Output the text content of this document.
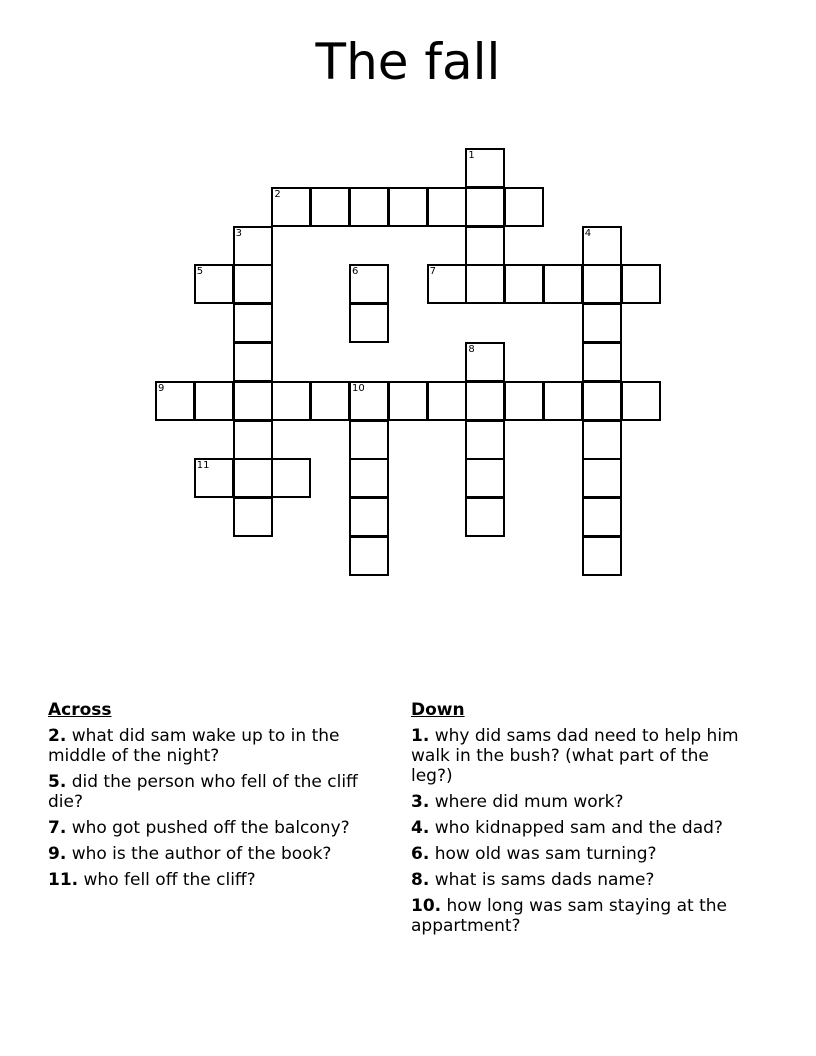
The fall
1
2
3	4
5	6	7
8
9	10
11
Across
2. what did sam wake up to in the middle of the night?
5. did the person who fell of the cliff die?
7. who got pushed off the balcony?
9. who is the author of the book?
11. who fell off the cliff?
Down
1. why did sams dad need to help him walk in the bush? (what part of the leg?)
3. where did mum work?
4. who kidnapped sam and the dad?
6. how old was sam turning?
8. what is sams dads name?
10. how long was sam staying at the appartment?
